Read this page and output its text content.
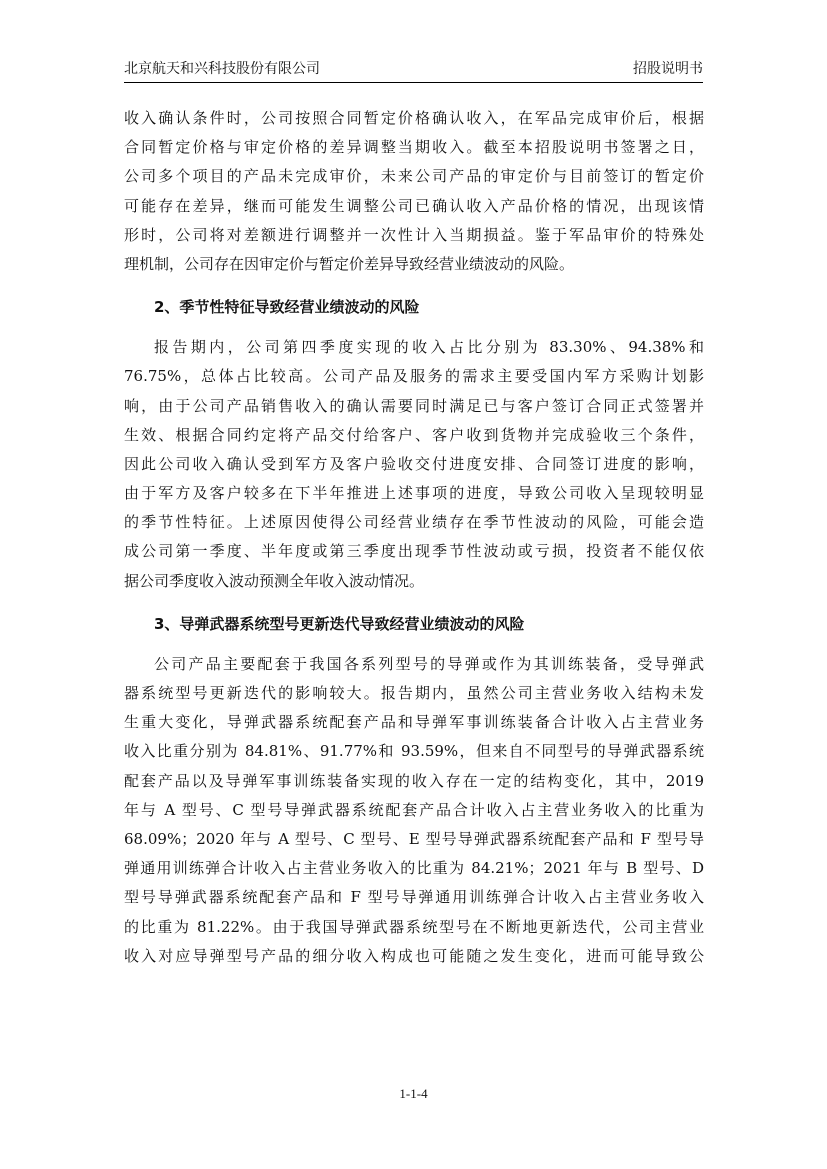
北京航天和兴科技股份有限公司	招股说明书

收入确认条件时，公司按照合同暂定价格确认收入，在军品完成审价后，根据

合同暂定价格与审定价格的差异调整当期收入。截至本招股说明书签署之日，

公司多个项目的产品未完成审价，未来公司产品的审定价与目前签订的暂定价

可能存在差异，继而可能发生调整公司已确认收入产品价格的情况，出现该情

形时，公司将对差额进行调整并一次性计入当期损益。鉴于军品审价的特殊处

理机制，公司存在因审定价与暂定价差异导致经营业绩波动的风险。

2、季节性特征导致经营业绩波动的风险

报告期内，公司第四季度实现的收入占比分别为 83.30%、94.38%和

76.75%，总体占比较高。公司产品及服务的需求主要受国内军方采购计划影

响，由于公司产品销售收入的确认需要同时满足已与客户签订合同正式签署并

生效、根据合同约定将产品交付给客户、客户收到货物并完成验收三个条件，

因此公司收入确认受到军方及客户验收交付进度安排、合同签订进度的影响，

由于军方及客户较多在下半年推进上述事项的进度，导致公司收入呈现较明显

的季节性特征。上述原因使得公司经营业绩存在季节性波动的风险，可能会造

成公司第一季度、半年度或第三季度出现季节性波动或亏损，投资者不能仅依

据公司季度收入波动预测全年收入波动情况。

3、导弹武器系统型号更新迭代导致经营业绩波动的风险

公司产品主要配套于我国各系列型号的导弹或作为其训练装备，受导弹武

器系统型号更新迭代的影响较大。报告期内，虽然公司主营业务收入结构未发

生重大变化，导弹武器系统配套产品和导弹军事训练装备合计收入占主营业务

收入比重分别为 84.81%、91.77%和 93.59%，但来自不同型号的导弹武器系统

配套产品以及导弹军事训练装备实现的收入存在一定的结构变化，其中，2019

年与 A 型号、C 型号导弹武器系统配套产品合计收入占主营业务收入的比重为

68.09%；2020 年与 A 型号、C 型号、E 型号导弹武器系统配套产品和 F 型号导

弹通用训练弹合计收入占主营业务收入的比重为 84.21%；2021 年与 B 型号、D

型号导弹武器系统配套产品和 F 型号导弹通用训练弹合计收入占主营业务收入

的比重为 81.22%。由于我国导弹武器系统型号在不断地更新迭代，公司主营业

收入对应导弹型号产品的细分收入构成也可能随之发生变化，进而可能导致公

1-1-4
